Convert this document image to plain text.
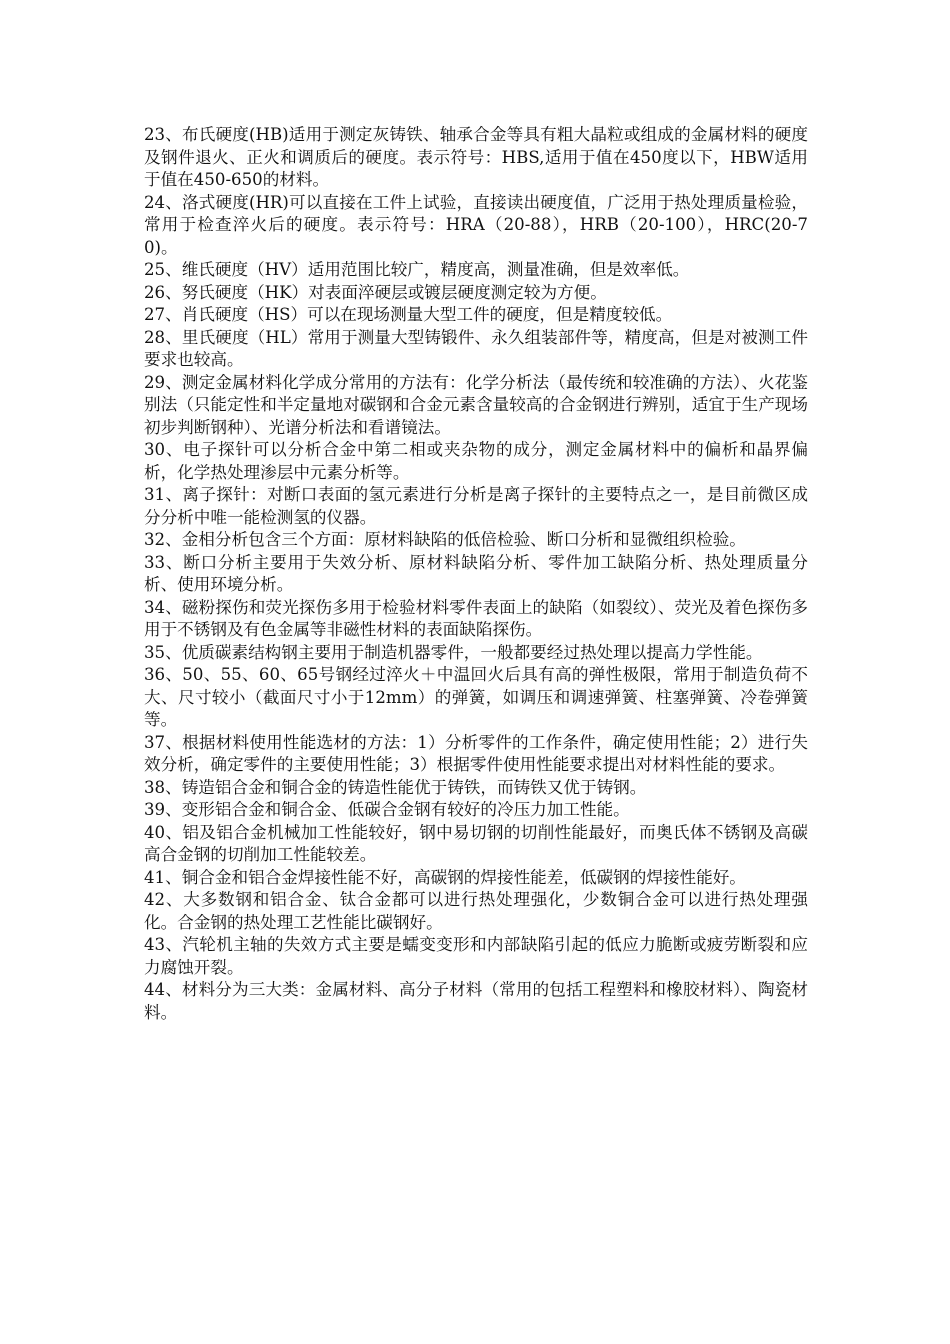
23、布氏硬度(HB)适用于测定灰铸铁、轴承合金等具有粗大晶粒或组成的金属材料的硬度及钢件退火、正火和调质后的硬度。表示符号：HBS,适用于值在450度以下，HBW适用于值在450-650的材料。

24、洛式硬度(HR)可以直接在工件上试验，直接读出硬度值，广泛用于热处理质量检验，常用于检查淬火后的硬度。表示符号：HRA（20-88），HRB（20-100），HRC(20-70)。

25、维氏硬度（HV）适用范围比较广，精度高，测量准确，但是效率低。

26、努氏硬度（HK）对表面淬硬层或镀层硬度测定较为方便。

27、肖氏硬度（HS）可以在现场测量大型工件的硬度，但是精度较低。

28、里氏硬度（HL）常用于测量大型铸锻件、永久组装部件等，精度高，但是对被测工件要求也较高。

29、测定金属材料化学成分常用的方法有：化学分析法（最传统和较准确的方法）、火花鉴别法（只能定性和半定量地对碳钢和合金元素含量较高的合金钢进行辨别，适宜于生产现场初步判断钢种）、光谱分析法和看谱镜法。

30、电子探针可以分析合金中第二相或夹杂物的成分，测定金属材料中的偏析和晶界偏析，化学热处理渗层中元素分析等。

31、离子探针：对断口表面的氢元素进行分析是离子探针的主要特点之一，是目前微区成分分析中唯一能检测氢的仪器。

32、金相分析包含三个方面：原材料缺陷的低倍检验、断口分析和显微组织检验。

33、断口分析主要用于失效分析、原材料缺陷分析、零件加工缺陷分析、热处理质量分析、使用环境分析。

34、磁粉探伤和荧光探伤多用于检验材料零件表面上的缺陷（如裂纹）、荧光及着色探伤多用于不锈钢及有色金属等非磁性材料的表面缺陷探伤。

35、优质碳素结构钢主要用于制造机器零件，一般都要经过热处理以提高力学性能。

36、50、55、60、65号钢经过淬火＋中温回火后具有高的弹性极限，常用于制造负荷不大、尺寸较小（截面尺寸小于12mm）的弹簧，如调压和调速弹簧、柱塞弹簧、冷卷弹簧等。

37、根据材料使用性能选材的方法：1）分析零件的工作条件，确定使用性能；2）进行失效分析，确定零件的主要使用性能；3）根据零件使用性能要求提出对材料性能的要求。

38、铸造铝合金和铜合金的铸造性能优于铸铁，而铸铁又优于铸钢。

39、变形铝合金和铜合金、低碳合金钢有较好的冷压力加工性能。

40、铝及铝合金机械加工性能较好，钢中易切钢的切削性能最好，而奥氏体不锈钢及高碳高合金钢的切削加工性能较差。

41、铜合金和铝合金焊接性能不好，高碳钢的焊接性能差，低碳钢的焊接性能好。

42、大多数钢和铝合金、钛合金都可以进行热处理强化，少数铜合金可以进行热处理强化。合金钢的热处理工艺性能比碳钢好。

43、汽轮机主轴的失效方式主要是蠕变变形和内部缺陷引起的低应力脆断或疲劳断裂和应力腐蚀开裂。

44、材料分为三大类：金属材料、高分子材料（常用的包括工程塑料和橡胶材料）、陶瓷材料。
